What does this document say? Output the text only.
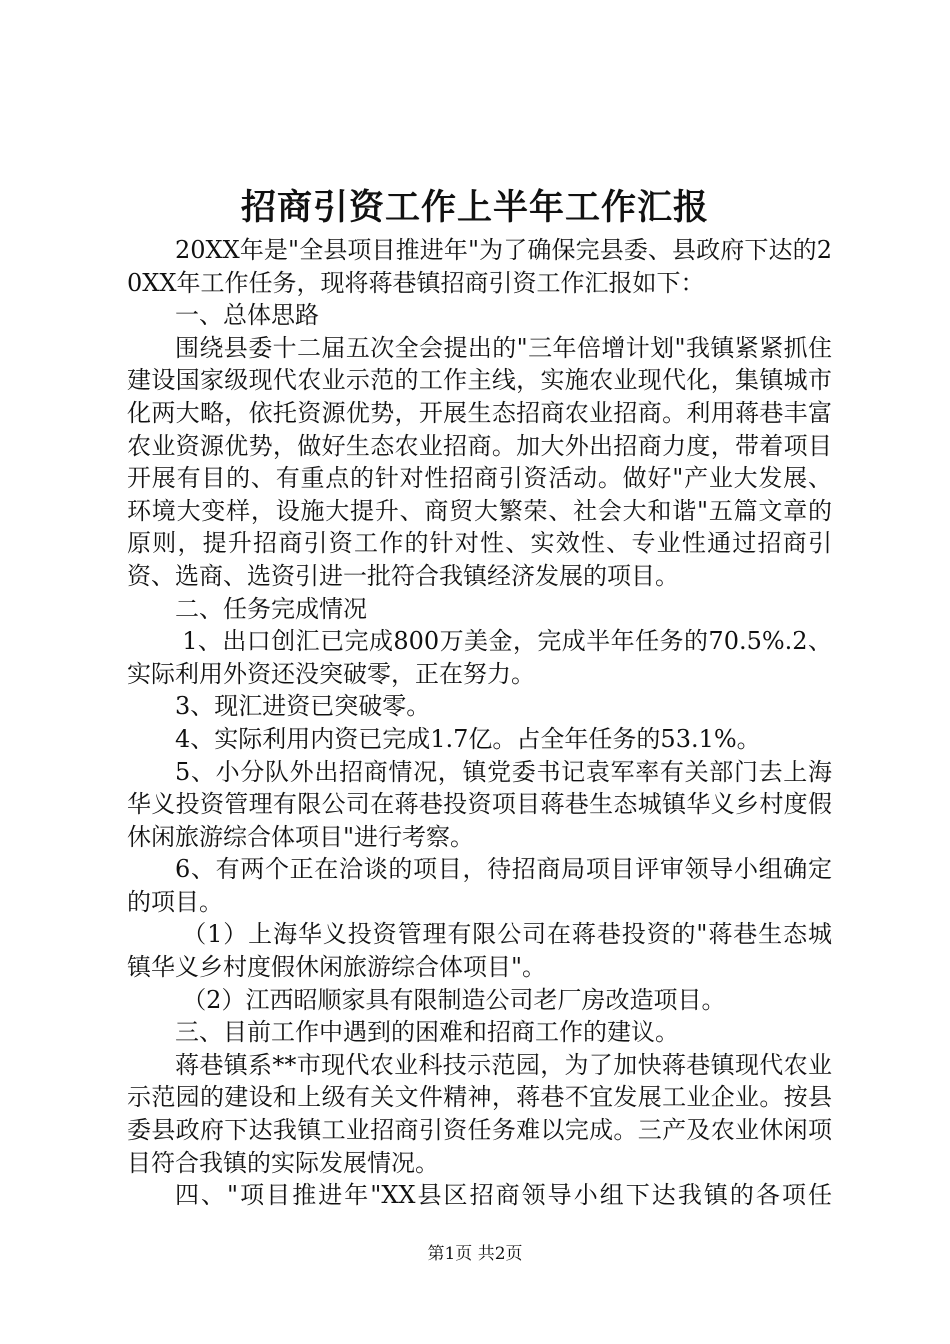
招商引资工作上半年工作汇报

20XX年是"全县项目推进年"为了确保完县委、县政府下达的20XX年工作任务，现将蒋巷镇招商引资工作汇报如下：

一、总体思路

围绕县委十二届五次全会提出的"三年倍增计划"我镇紧紧抓住建设国家级现代农业示范的工作主线，实施农业现代化，集镇城市化两大略，依托资源优势，开展生态招商农业招商。利用蒋巷丰富农业资源优势，做好生态农业招商。加大外出招商力度，带着项目开展有目的、有重点的针对性招商引资活动。做好"产业大发展、环境大变样，设施大提升、商贸大繁荣、社会大和谐"五篇文章的原则，提升招商引资工作的针对性、实效性、专业性通过招商引资、选商、选资引进一批符合我镇经济发展的项目。

二、任务完成情况

1、出口创汇已完成800万美金，完成半年任务的70.5%.2、实际利用外资还没突破零，正在努力。

3、现汇进资已突破零。

4、实际利用内资已完成1.7亿。占全年任务的53.1%。

5、小分队外出招商情况，镇党委书记袁军率有关部门去上海华义投资管理有限公司在蒋巷投资项目蒋巷生态城镇华义乡村度假休闲旅游综合体项目"进行考察。

6、有两个正在洽谈的项目，待招商局项目评审领导小组确定的项目。

（1）上海华义投资管理有限公司在蒋巷投资的"蒋巷生态城镇华义乡村度假休闲旅游综合体项目"。

（2）江西昭顺家具有限制造公司老厂房改造项目。

三、目前工作中遇到的困难和招商工作的建议。

蒋巷镇系**市现代农业科技示范园，为了加快蒋巷镇现代农业示范园的建设和上级有关文件精神，蒋巷不宜发展工业企业。按县委县政府下达我镇工业招商引资任务难以完成。三产及农业休闲项目符合我镇的实际发展情况。

四、"项目推进年"XX县区招商领导小组下达我镇的各项任

第1页 共2页
